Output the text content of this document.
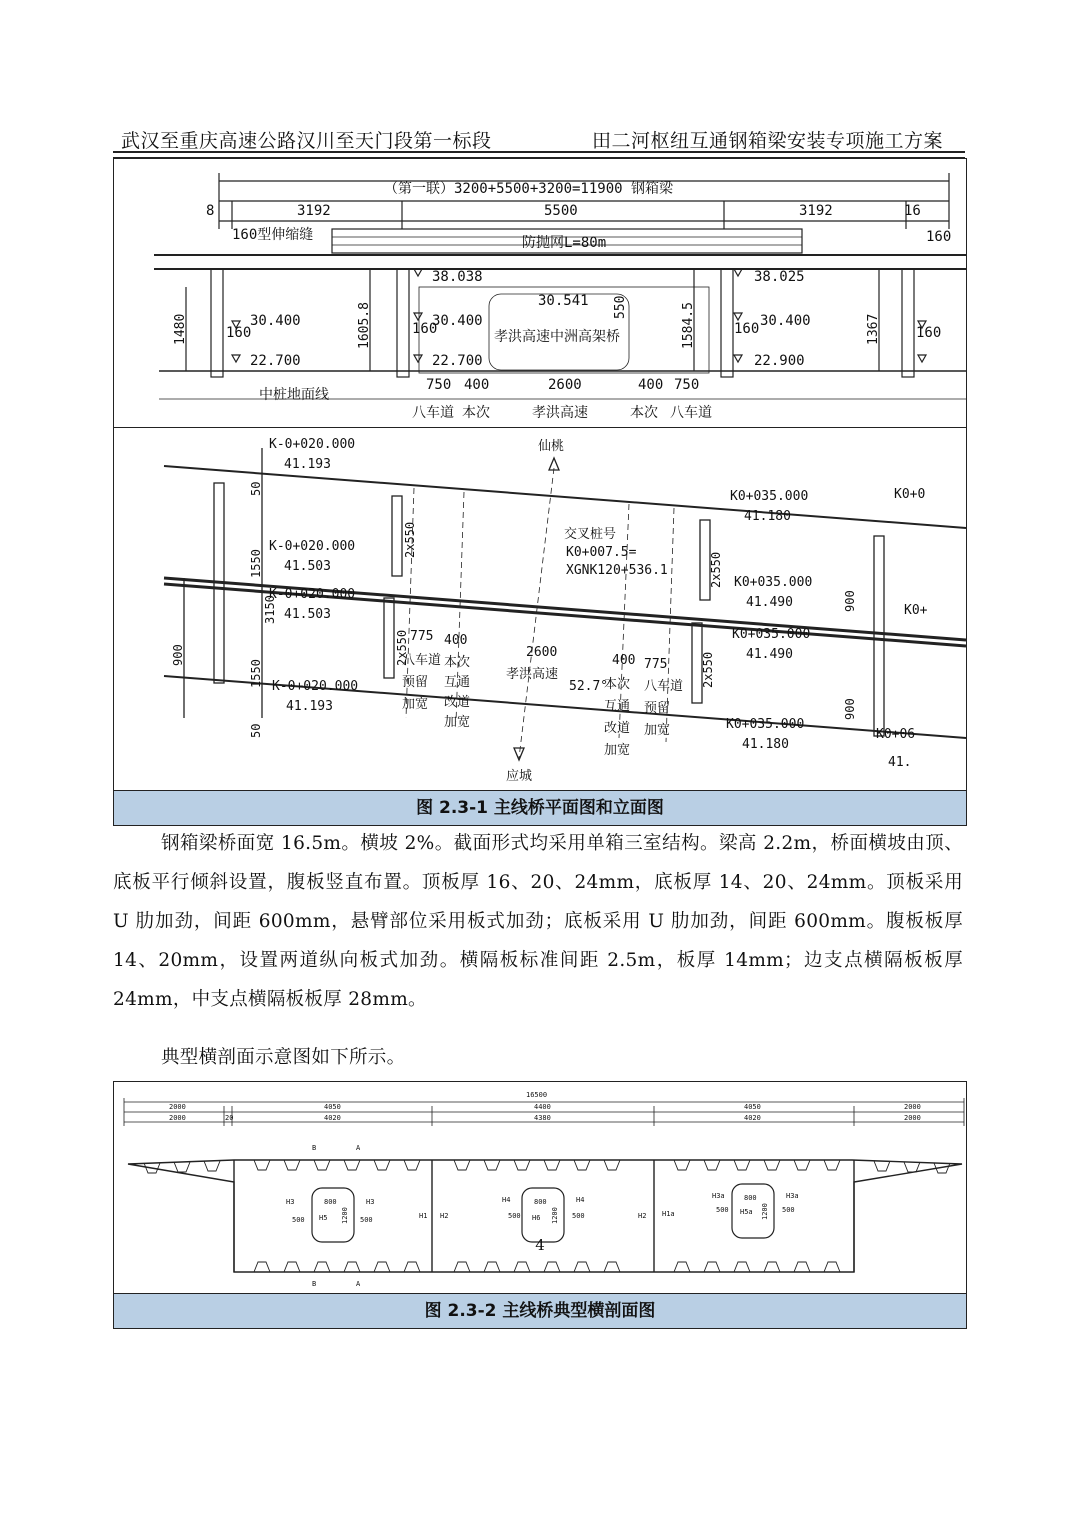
武汉至重庆高速公路汉川至天门段第一标段	田二河枢纽互通钢箱梁安装专项施工方案
（第一联）3200+5500+3200=11900 钢箱梁
8	3192	5500	3192	16
160型伸缩缝	160
防抛网L=80m
38.038	38.025
30.541
30.400	30.400	30.400
22.700	22.700	22.900
160	160	160	160
孝洪高速中洲高架桥
中桩地面线
750 400	2600	400 750
八车道 本次	孝洪高速	本次 八车道
1480	1605.8	550	1584.5	1367
K-0+020.000
41.193
K-0+020.000
41.503
K-0+020.000
41.503
K-0+020.000
41.193
K0+035.000
41.180
K0+035.000
41.490
K0+035.000
41.490
K0+035.000
41.180
仙桃
应城
交叉桩号
K0+007.5=
XGNK120+536.1
775 400
2600
400 775
52.7°
孝洪高速
八车道
预留
加宽
本次
互通
改道
加宽
本次
互通
改道
加宽
八车道
预留
加宽
K0+0
K0+
K0+06
41.
50
1550
50
3150
1550
900
2x550
2x550
2x550
2x550
900
900
图 2.3-1 主线桥平面图和立面图

钢箱梁桥面宽 16.5m。横坡 2%。截面形式均采用单箱三室结构。梁高 2.2m，桥面横坡由顶、底板平行倾斜设置，腹板竖直布置。顶板厚 16、20、24mm，底板厚 14、20、24mm。顶板采用 U 肋加劲，间距 600mm，悬臂部位采用板式加劲；底板采用 U 肋加劲，间距 600mm。腹板板厚 14、20mm，设置两道纵向板式加劲。横隔板标准间距 2.5m，板厚 14mm；边支点横隔板板厚 24mm，中支点横隔板板厚 28mm。

典型横剖面示意图如下所示。

16500
2000	4050	4400	4050	2000
2000	20	4020	4380	4020	2000
B	A
B	A
H3
H5
H3
H1 H2
H4
H6
H4
H2 H1a
H3a
H5a
H3a
800	800	800
500	500	500	500
500	500
1200	1200	1200
图 2.3-2 主线桥典型横剖面图
4
